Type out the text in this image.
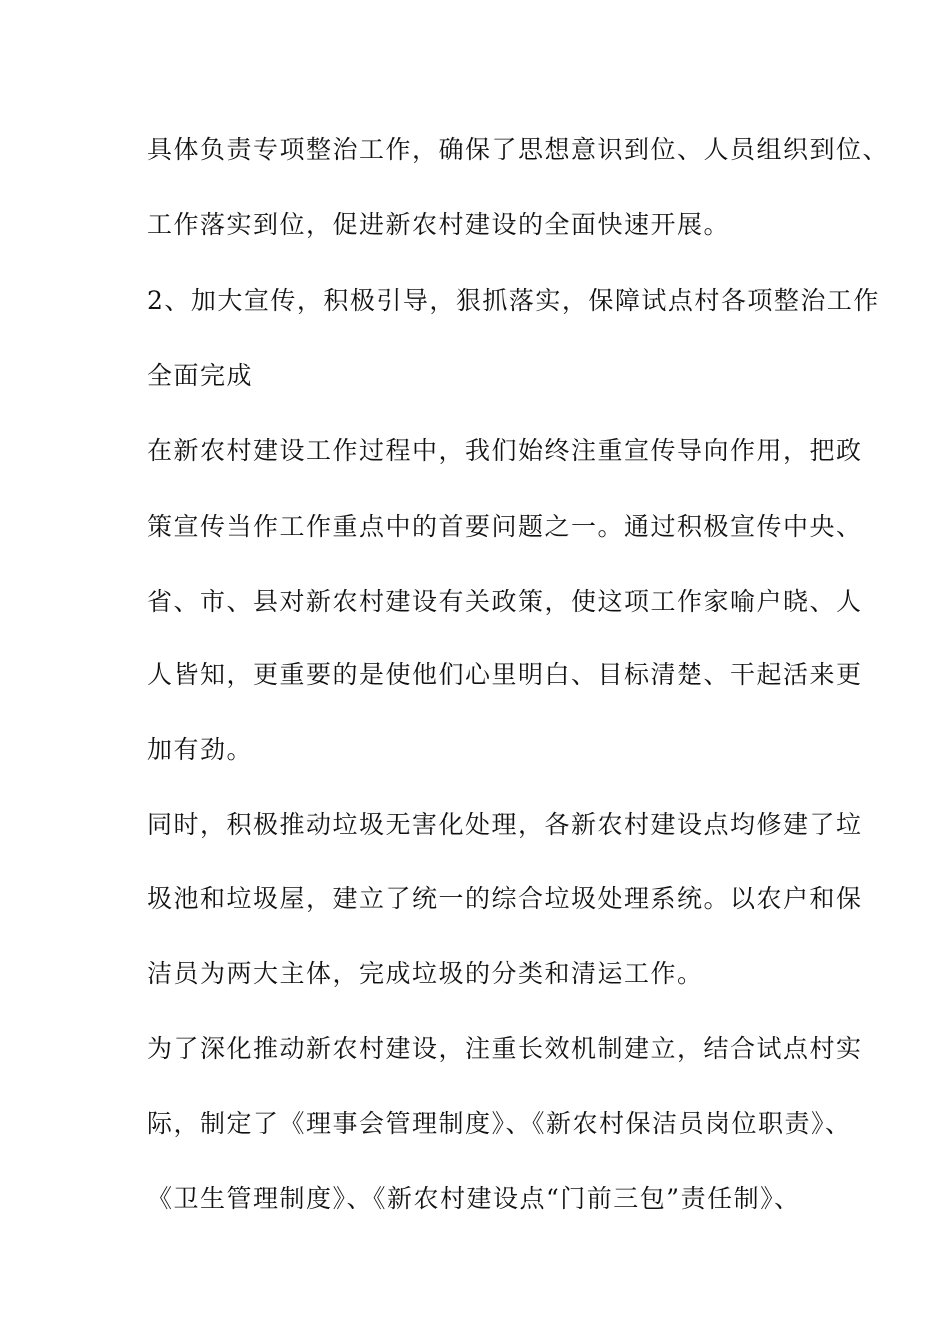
具体负责专项整治工作，确保了思想意识到位、人员组织到位、
工作落实到位，促进新农村建设的全面快速开展。
2、加大宣传，积极引导，狠抓落实，保障试点村各项整治工作
全面完成
在新农村建设工作过程中，我们始终注重宣传导向作用，把政
策宣传当作工作重点中的首要问题之一。通过积极宣传中央、
省、市、县对新农村建设有关政策，使这项工作家喻户晓、人
人皆知，更重要的是使他们心里明白、目标清楚、干起活来更
加有劲。
同时，积极推动垃圾无害化处理，各新农村建设点均修建了垃
圾池和垃圾屋，建立了统一的综合垃圾处理系统。以农户和保
洁员为两大主体，完成垃圾的分类和清运工作。
为了深化推动新农村建设，注重长效机制建立，结合试点村实
际，制定了《理事会管理制度》、《新农村保洁员岗位职责》、
《卫生管理制度》、《新农村建设点“门前三包”责任制》、
